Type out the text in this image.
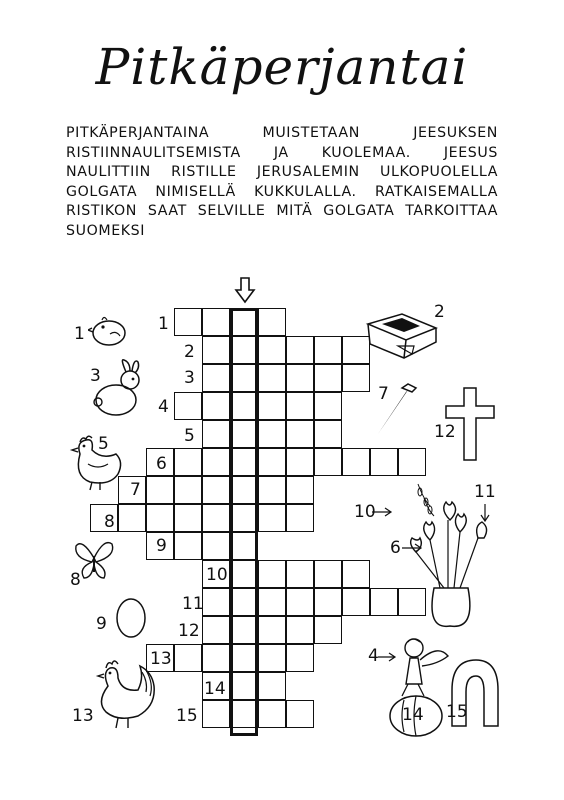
Pitkäperjantai
PITKÄPERJANTAINA MUISTETAAN JEESUKSEN RISTIINNAULITSEMISTA JA KUOLEMAA. JEESUS NAULITTIIN RISTILLE JERUSALEMIN ULKOPUOLELLA GOLGATA NIMISELLÄ KUKKULALLA. RATKAISEMALLA RISTIKON SAAT SELVILLE MITÄ GOLGATA TARKOITTAA SUOMEKSI
1
2
3
4
5
6
7
8
9
10
11
12
13
14
15
1
2
3
5
6
7
8
9
10
11
12
13	14 15
4
